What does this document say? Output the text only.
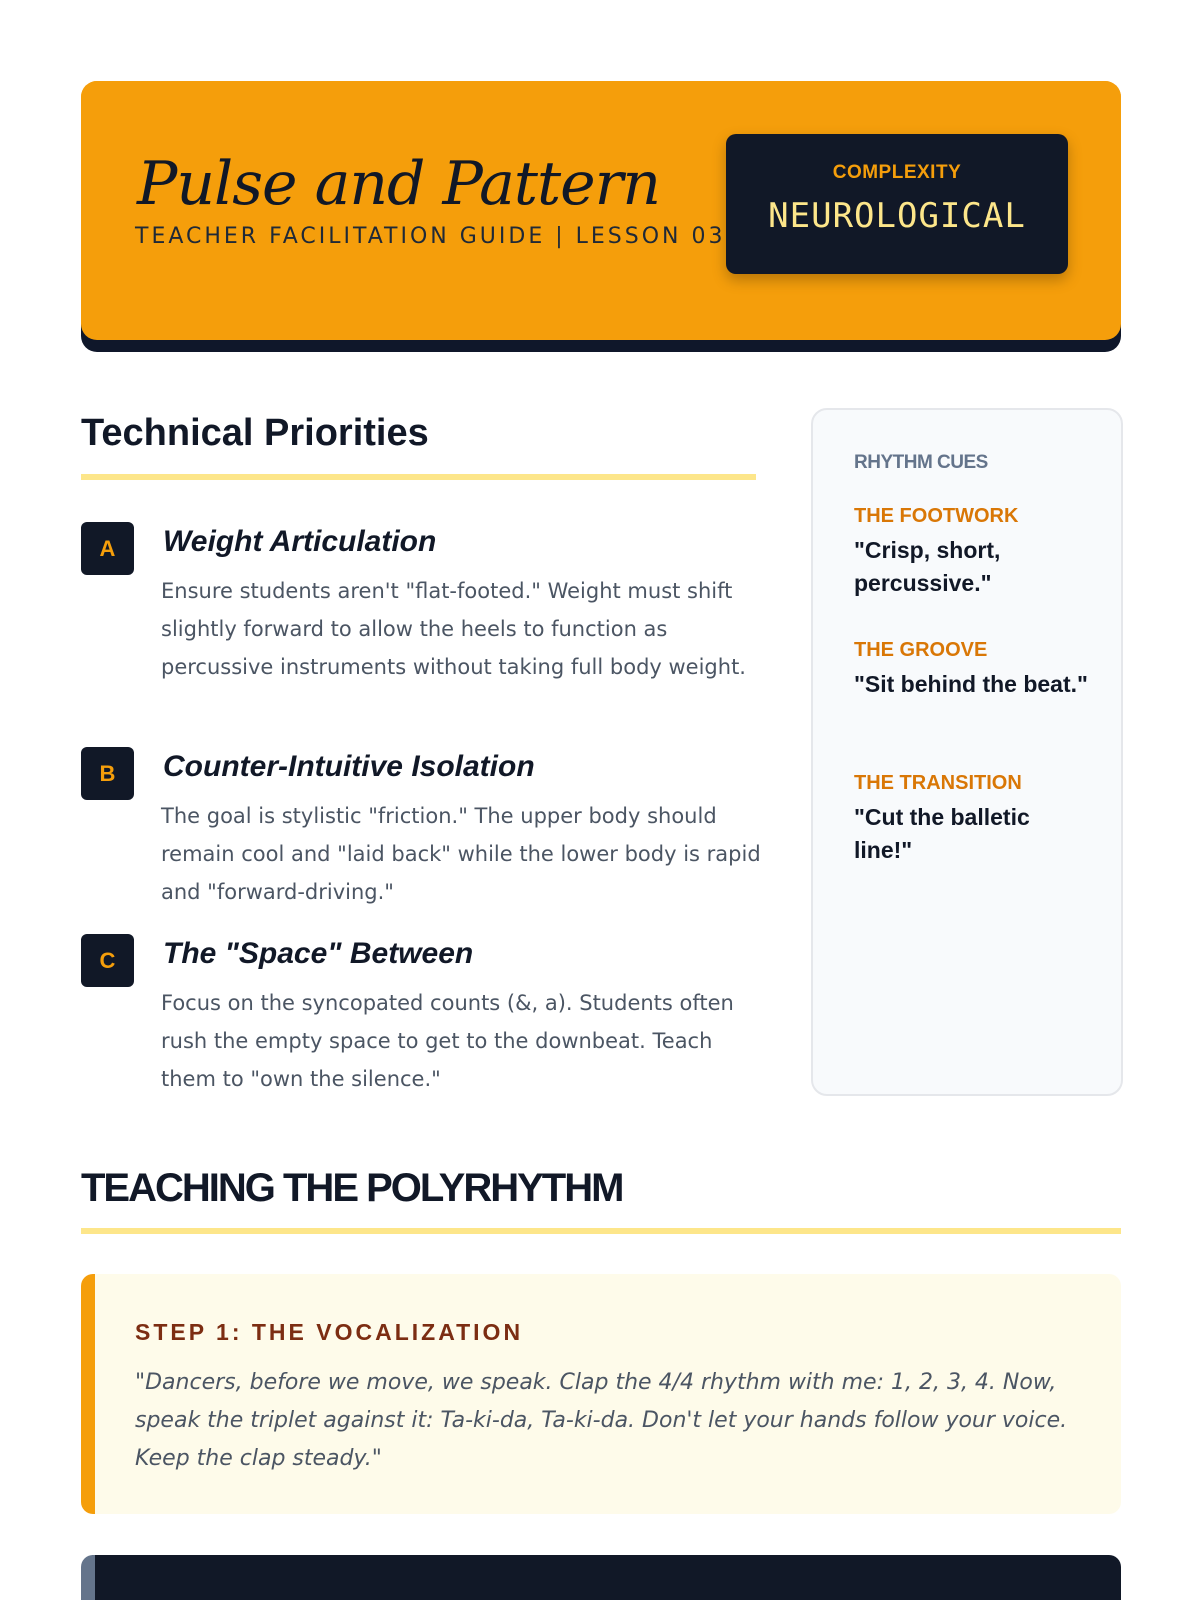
Pulse and Pattern
TEACHER FACILITATION GUIDE | LESSON 03
COMPLEXITY
NEUROLOGICAL
Technical Priorities
A	Weight Articulation
Ensure students aren't "flat-footed." Weight must shift slightly forward to allow the heels to function as percussive instruments without taking full body weight.
B	Counter-Intuitive Isolation
The goal is stylistic "friction." The upper body should remain cool and "laid back" while the lower body is rapid and "forward-driving."
C	The "Space" Between
Focus on the syncopated counts (&, a). Students often rush the empty space to get to the downbeat. Teach them to "own the silence."
RHYTHM CUES
THE FOOTWORK
"Crisp, short, percussive."
THE GROOVE
"Sit behind the beat."
THE TRANSITION
"Cut the balletic line!"
TEACHING THE POLYRHYTHM
STEP 1: THE VOCALIZATION
"Dancers, before we move, we speak. Clap the 4/4 rhythm with me: 1, 2, 3, 4. Now, speak the triplet against it: Ta-ki-da, Ta-ki-da. Don't let your hands follow your voice. Keep the clap steady."
